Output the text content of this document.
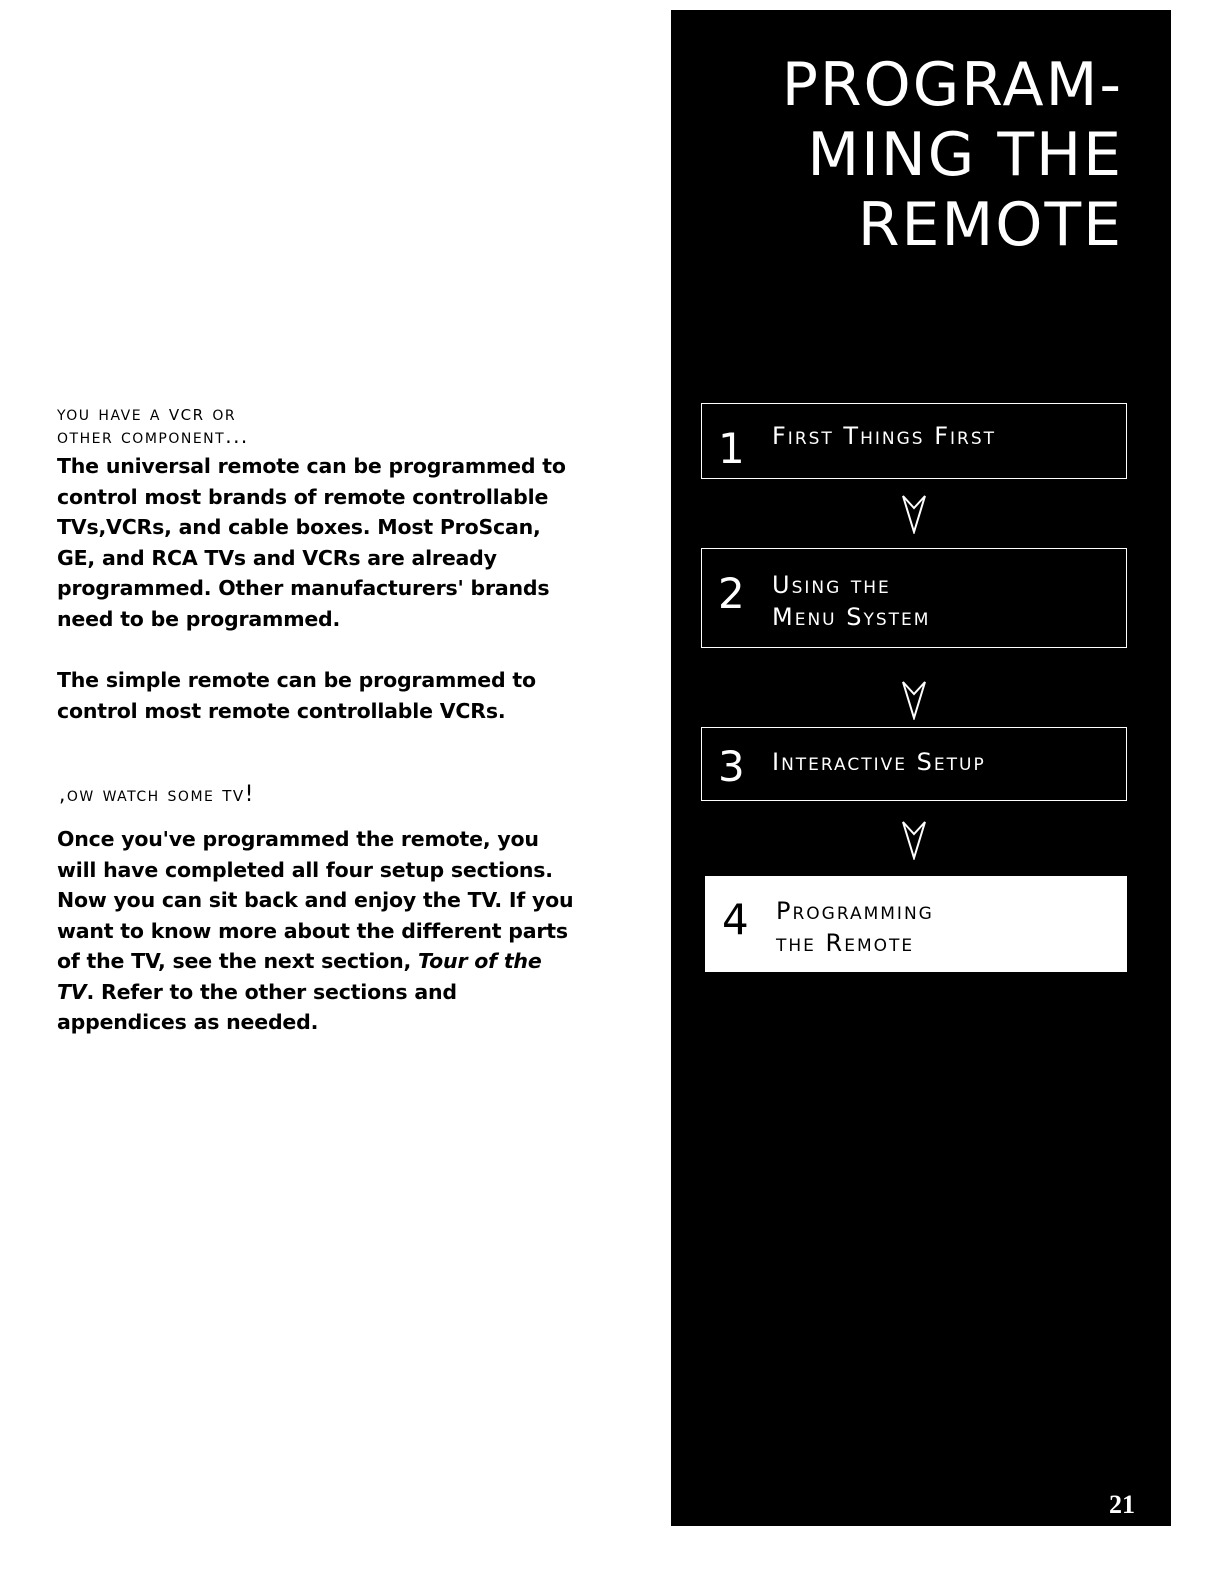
you have a vcr or
other component...

The universal remote can be programmed to control most brands of remote controllable TVs,VCRs, and cable boxes. Most ProScan, GE, and RCA TVs and VCRs are already programmed. Other manufacturers' brands need to be programmed.

The simple remote can be programmed to control most remote controllable VCRs.

,ow watch some tv!

Once you've programmed the remote, you will have completed all four setup sections. Now you can sit back and enjoy the TV. If you want to know more about the different parts of the TV, see the next section, Tour of the TV. Refer to the other sections and appendices as needed.

PROGRAM-
MING THE
REMOTE
1 First Things First
2 Using the
Menu System
3 Interactive Setup
4 Programming
the Remote
21
